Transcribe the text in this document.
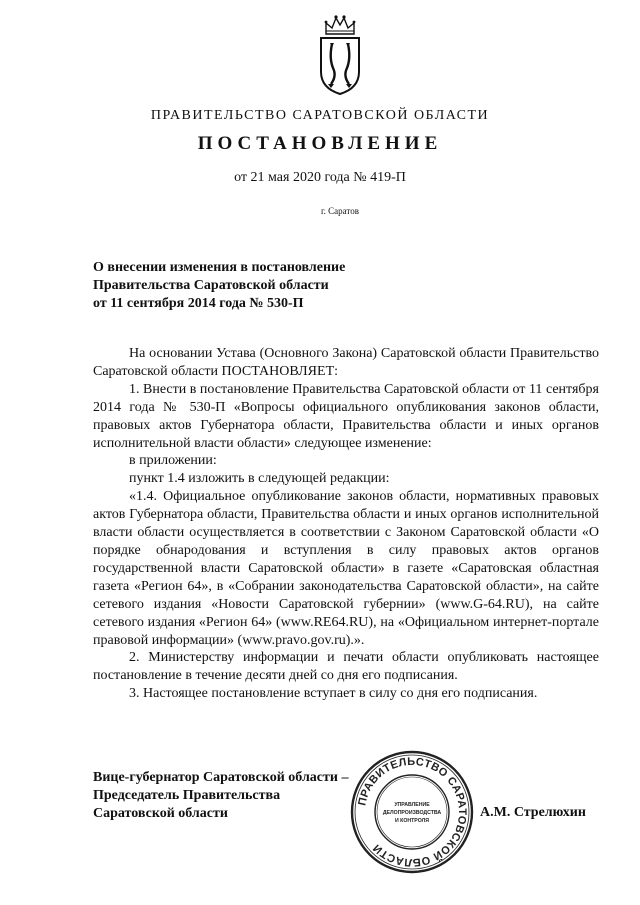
ПРАВИТЕЛЬСТВО САРАТОВСКОЙ ОБЛАСТИ
ПОСТАНОВЛЕНИЕ
от 21 мая 2020 года № 419-П
г. Саратов
О внесении изменения в постановление
Правительства Саратовской области
от 11 сентября 2014 года № 530-П

На основании Устава (Основного Закона) Саратовской области Правительство Саратовской области ПОСТАНОВЛЯЕТ:

1. Внести в постановление Правительства Саратовской области от 11 сентября 2014 года № 530-П «Вопросы официального опубликования законов области, правовых актов Губернатора области, Правительства области и иных органов исполнительной власти области» следующее изменение:

в приложении:

пункт 1.4 изложить в следующей редакции:

«1.4. Официальное опубликование законов области, нормативных правовых актов Губернатора области, Правительства области и иных органов исполнительной власти области осуществляется в соответствии с Законом Саратовской области «О порядке обнародования и вступления в силу правовых актов органов государственной власти Саратовской области» в газете «Саратовская областная газета «Регион 64», в «Собрании законодательства Саратовской области», на сайте сетевого издания «Новости Саратовской губернии» (www.G-64.RU), на сайте сетевого издания «Регион 64» (www.RE64.RU), на «Официальном интернет-портале правовой информации» (www.pravo.gov.ru).».

2. Министерству информации и печати области опубликовать настоящее постановление в течение десяти дней со дня его подписания.

3. Настоящее постановление вступает в силу со дня его подписания.

Вице-губернатор Саратовской области –
Председатель Правительства
Саратовской области
ПРАВИТЕЛЬСТВО САРАТОВСКОЙ ОБЛАСТИ
УПРАВЛЕНИЕ
ДЕЛОПРОИЗВОДСТВА
И КОНТРОЛЯ
А.М. Стрелюхин
